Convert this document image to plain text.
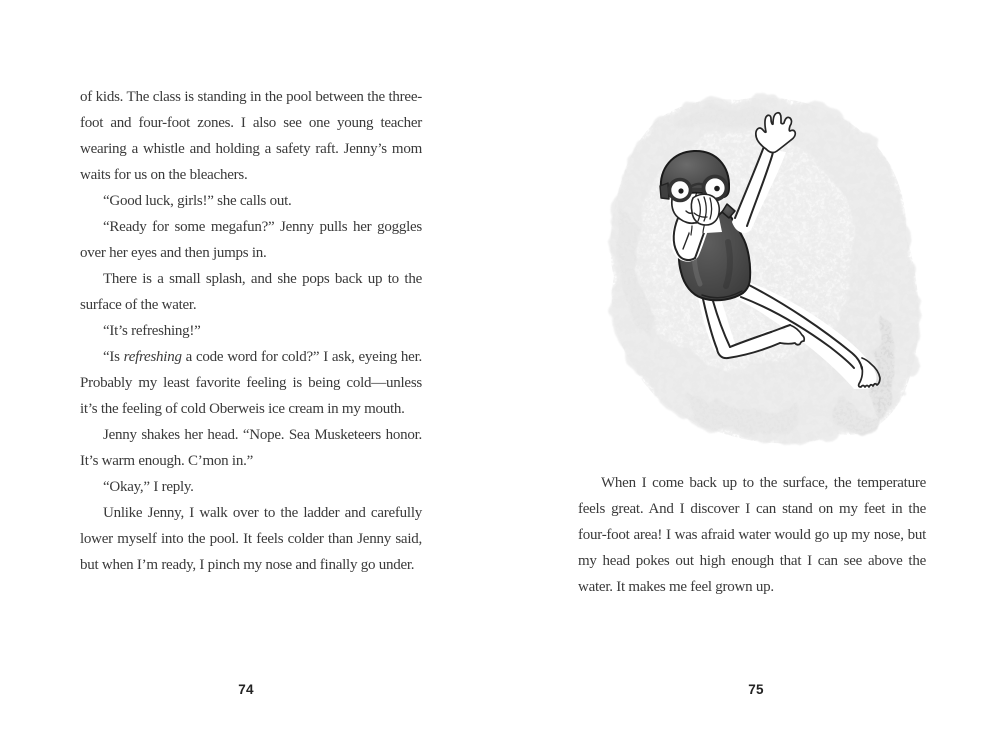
of kids. The class is standing in the pool between the three-foot and four-foot zones. I also see one young teacher wearing a whistle and holding a safety raft. Jenny’s mom waits for us on the bleachers.

“Good luck, girls!” she calls out.

“Ready for some megafun?” Jenny pulls her goggles over her eyes and then jumps in.

There is a small splash, and she pops back up to the surface of the water.

“It’s refreshing!”

“Is refreshing a code word for cold?” I ask, eyeing her. Probably my least favorite feeling is being cold—unless it’s the feeling of cold Oberweis ice cream in my mouth.

Jenny shakes her head. “Nope. Sea Musketeers honor. It’s warm enough. C’mon in.”

“Okay,” I reply.

Unlike Jenny, I walk over to the ladder and carefully lower myself into the pool. It feels colder than Jenny said, but when I’m ready, I pinch my nose and finally go under.

When I come back up to the surface, the temperature feels great. And I discover I can stand on my feet in the four-foot area! I was afraid water would go up my nose, but my head pokes out high enough that I can see above the water. It makes me feel grown up.

74	75
